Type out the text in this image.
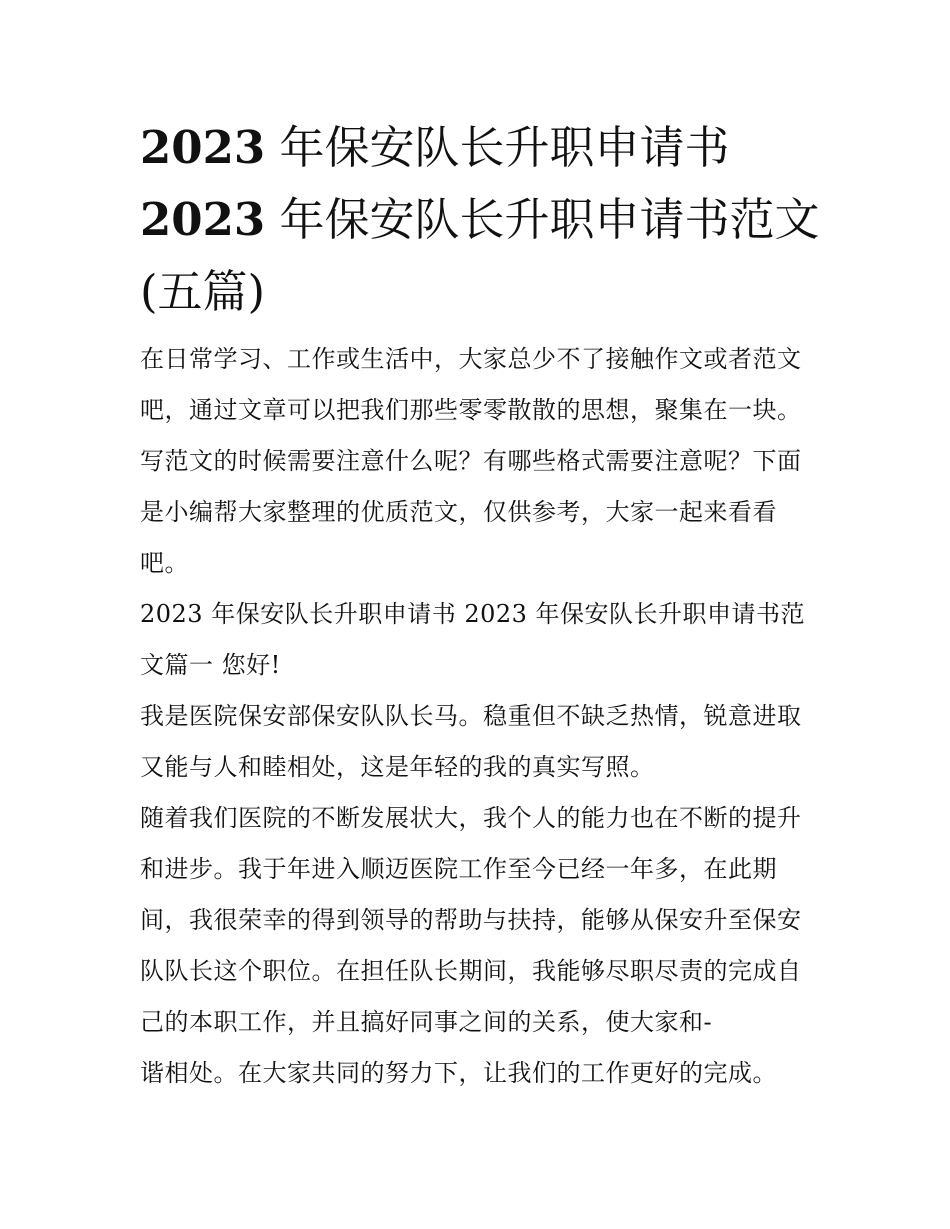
2023 年保安队长升职申请书
2023 年保安队长升职申请书范文(五篇)

在日常学习、工作或生活中，大家总少不了接触作文或者范文吧，通过文章可以把我们那些零零散散的思想，聚集在一块。写范文的时候需要注意什么呢？有哪些格式需要注意呢？下面是小编帮大家整理的优质范文，仅供参考，大家一起来看看吧。

2023 年保安队长升职申请书 2023 年保安队长升职申请书范文篇一 您好!

我是医院保安部保安队队长马。稳重但不缺乏热情，锐意进取又能与人和睦相处，这是年轻的我的真实写照。

随着我们医院的不断发展状大，我个人的能力也在不断的提升和进步。我于年进入顺迈医院工作至今已经一年多，在此期间，我很荣幸的得到领导的帮助与扶持，能够从保安升至保安队队长这个职位。在担任队长期间，我能够尽职尽责的完成自己的本职工作，并且搞好同事之间的关系，使大家和-

谐相处。在大家共同的努力下，让我们的工作更好的完成。
